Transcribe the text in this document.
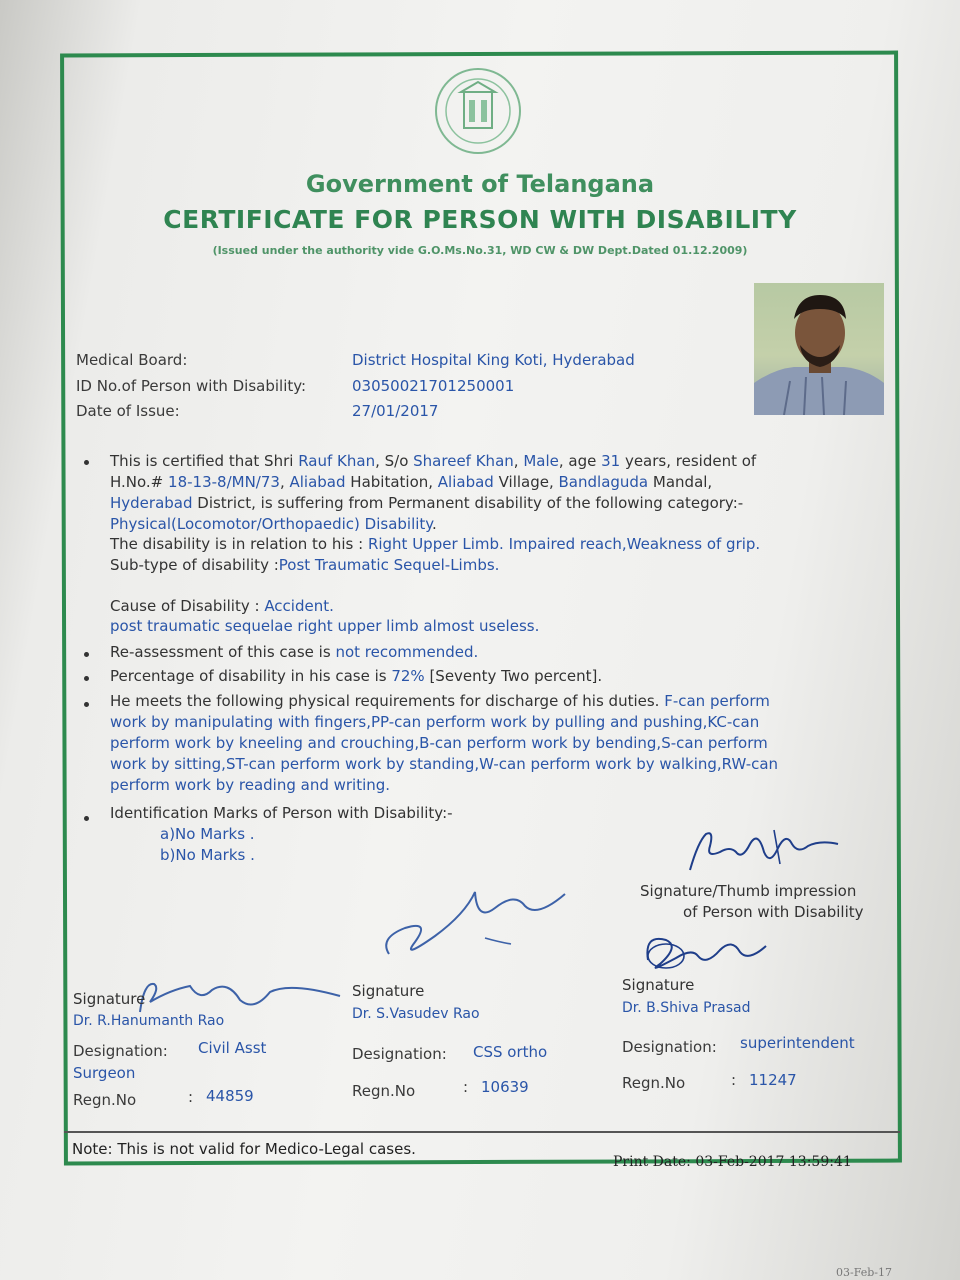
Government of Telangana
CERTIFICATE FOR PERSON WITH DISABILITY
(Issued under the authority vide G.O.Ms.No.31, WD CW & DW Dept.Dated 01.12.2009)
Medical Board:	District Hospital King Koti, Hyderabad
ID No.of Person with Disability:	03050021701250001
Date of Issue:	27/01/2017
This is certified that Shri Rauf Khan, S/o Shareef Khan, Male, age 31 years, resident of
H.No.# 18-13-8/MN/73, Aliabad Habitation, Aliabad Village, Bandlaguda Mandal,
Hyderabad District, is suffering from Permanent disability of the following category:-
Physical(Locomotor/Orthopaedic) Disability.
The disability is in relation to his : Right Upper Limb. Impaired reach,Weakness of grip.
Sub-type of disability :Post Traumatic Sequel-Limbs.
Cause of Disability : Accident.
post traumatic sequelae right upper limb almost useless.
Re-assessment of this case is not recommended.
Percentage of disability in his case is 72% [Seventy Two percent].
He meets the following physical requirements for discharge of his duties. F-can perform
work by manipulating with fingers,PP-can perform work by pulling and pushing,KC-can
perform work by kneeling and crouching,B-can perform work by bending,S-can perform
work by sitting,ST-can perform work by standing,W-can perform work by walking,RW-can
perform work by reading and writing.
Identification Marks of Person with Disability:-
a)No Marks .
b)No Marks .
Signature/Thumb impression
of Person with Disability
Signature
Dr. R.Hanumanth Rao
Designation: Civil Asst
Surgeon
Regn.No	: 44859
Signature
Dr. S.Vasudev Rao
Designation: CSS ortho
Regn.No	: 10639
Signature
Dr. B.Shiva Prasad
Designation: superintendent
Regn.No	: 11247
Note: This is not valid for Medico-Legal cases.
Print Date: 03-Feb-2017 13:59:41
03-Feb-17
